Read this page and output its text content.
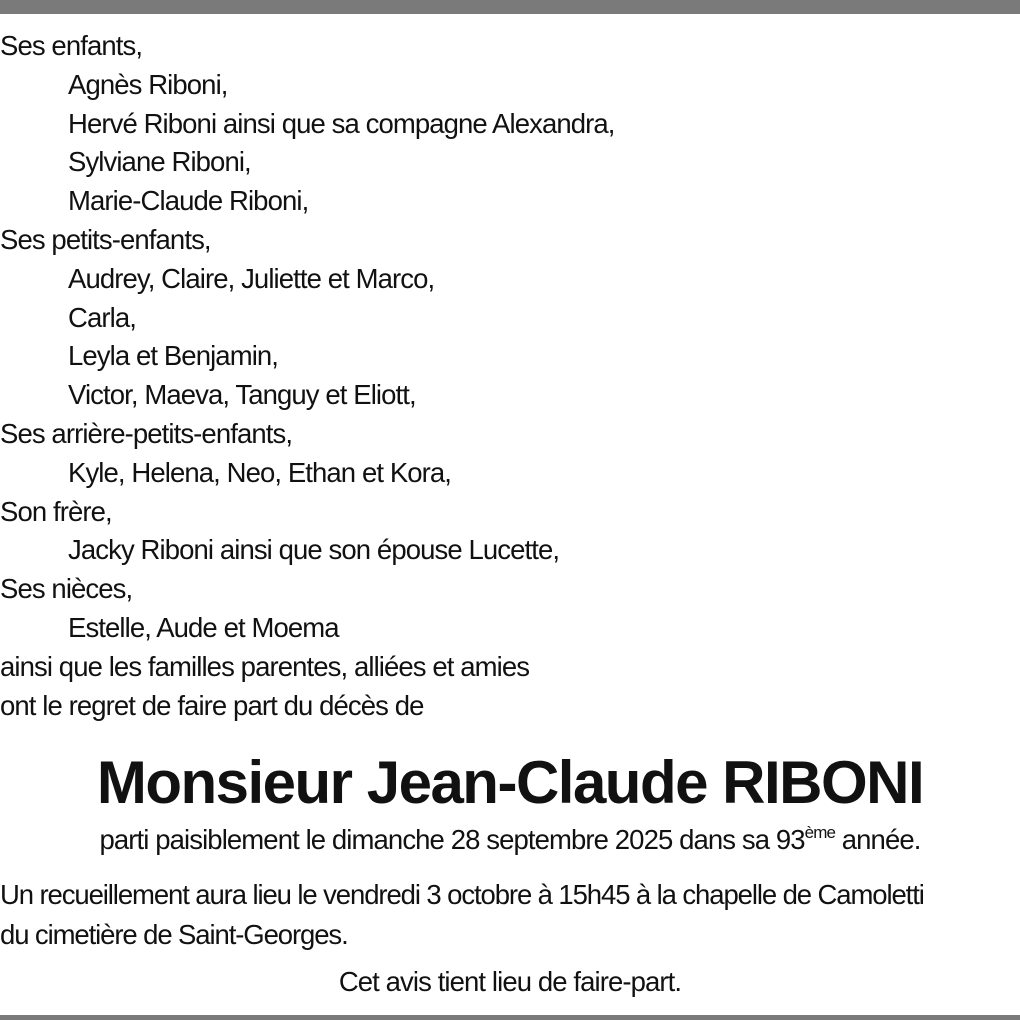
Ses enfants,
Agnès Riboni,
Hervé Riboni ainsi que sa compagne Alexandra,
Sylviane Riboni,
Marie-Claude Riboni,
Ses petits-enfants,
Audrey, Claire, Juliette et Marco,
Carla,
Leyla et Benjamin,
Victor, Maeva, Tanguy et Eliott,
Ses arrière-petits-enfants,
Kyle, Helena, Neo, Ethan et Kora,
Son frère,
Jacky Riboni ainsi que son épouse Lucette,
Ses nièces,
Estelle, Aude et Moema
ainsi que les familles parentes, alliées et amies
ont le regret de faire part du décès de
Monsieur Jean-Claude RIBONI
parti paisiblement le dimanche 28 septembre 2025 dans sa 93ème année.
Un recueillement aura lieu le vendredi 3 octobre à 15h45 à la chapelle de Camoletti
du cimetière de Saint-Georges.
Cet avis tient lieu de faire-part.
